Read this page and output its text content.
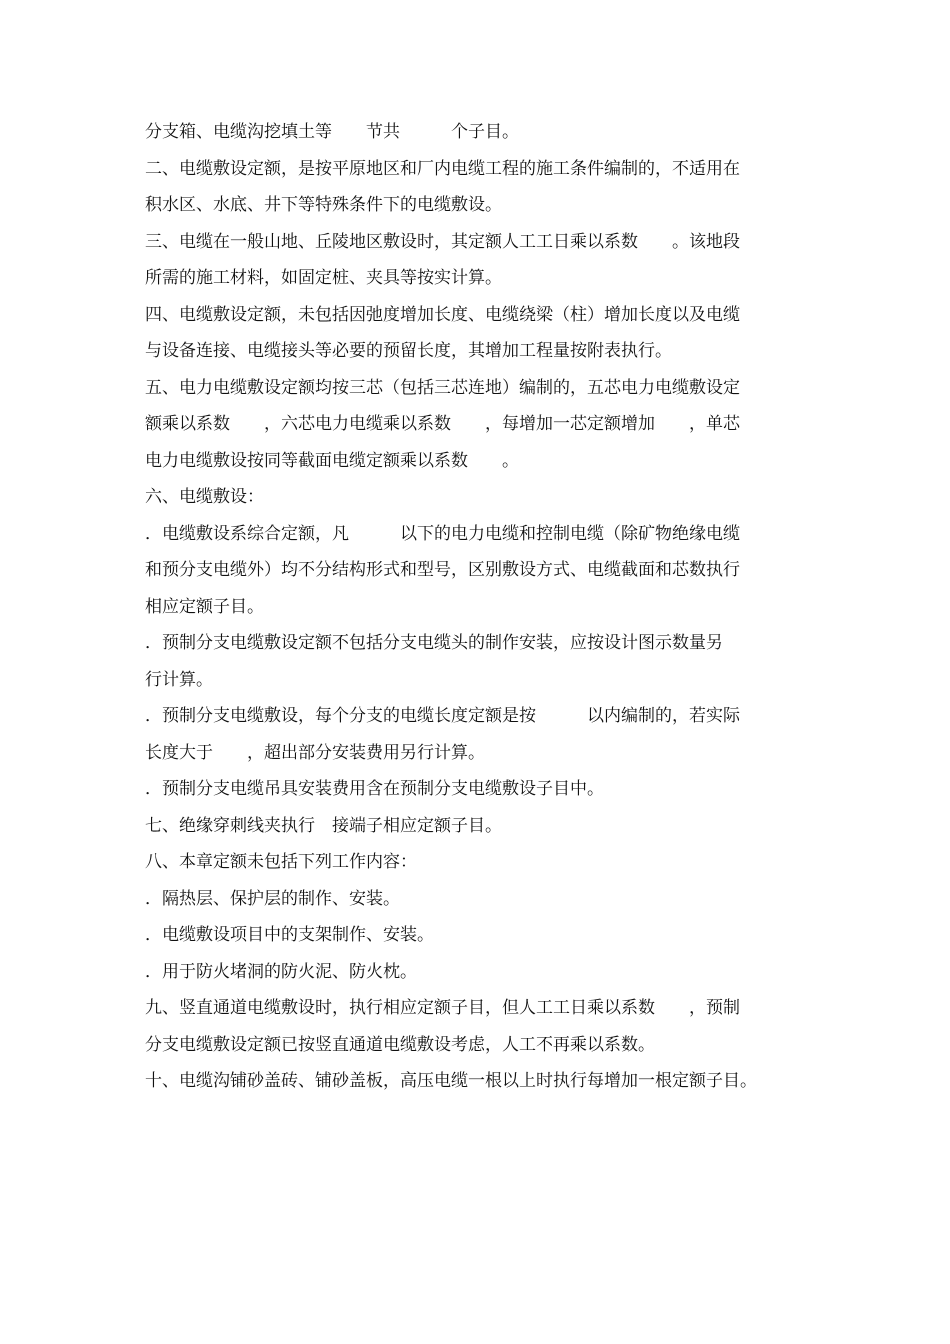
分支箱、电缆沟挖填土等　　节共　　　个子目。
二、电缆敷设定额，是按平原地区和厂内电缆工程的施工条件编制的，不适用在
积水区、水底、井下等特殊条件下的电缆敷设。
三、电缆在一般山地、丘陵地区敷设时，其定额人工工日乘以系数　　。该地段
所需的施工材料，如固定桩、夹具等按实计算。
四、电缆敷设定额，未包括因弛度增加长度、电缆绕梁（柱）增加长度以及电缆
与设备连接、电缆接头等必要的预留长度，其增加工程量按附表执行。
五、电力电缆敷设定额均按三芯（包括三芯连地）编制的，五芯电力电缆敷设定
额乘以系数　　，六芯电力电缆乘以系数　　，每增加一芯定额增加　　，单芯
电力电缆敷设按同等截面电缆定额乘以系数　　。
六、电缆敷设：
．电缆敷设系综合定额，凡　　　以下的电力电缆和控制电缆（除矿物绝缘电缆
和预分支电缆外）均不分结构形式和型号，区别敷设方式、电缆截面和芯数执行
相应定额子目。
．预制分支电缆敷设定额不包括分支电缆头的制作安装，应按设计图示数量另
行计算。
．预制分支电缆敷设，每个分支的电缆长度定额是按　　　以内编制的，若实际
长度大于　　，超出部分安装费用另行计算。
．预制分支电缆吊具安装费用含在预制分支电缆敷设子目中。
七、绝缘穿刺线夹执行　接端子相应定额子目。
八、本章定额未包括下列工作内容：
．隔热层、保护层的制作、安装。
．电缆敷设项目中的支架制作、安装。
．用于防火堵洞的防火泥、防火枕。
九、竖直通道电缆敷设时，执行相应定额子目，但人工工日乘以系数　　，预制
分支电缆敷设定额已按竖直通道电缆敷设考虑，人工不再乘以系数。
十、电缆沟铺砂盖砖、铺砂盖板，高压电缆一根以上时执行每增加一根定额子目。
